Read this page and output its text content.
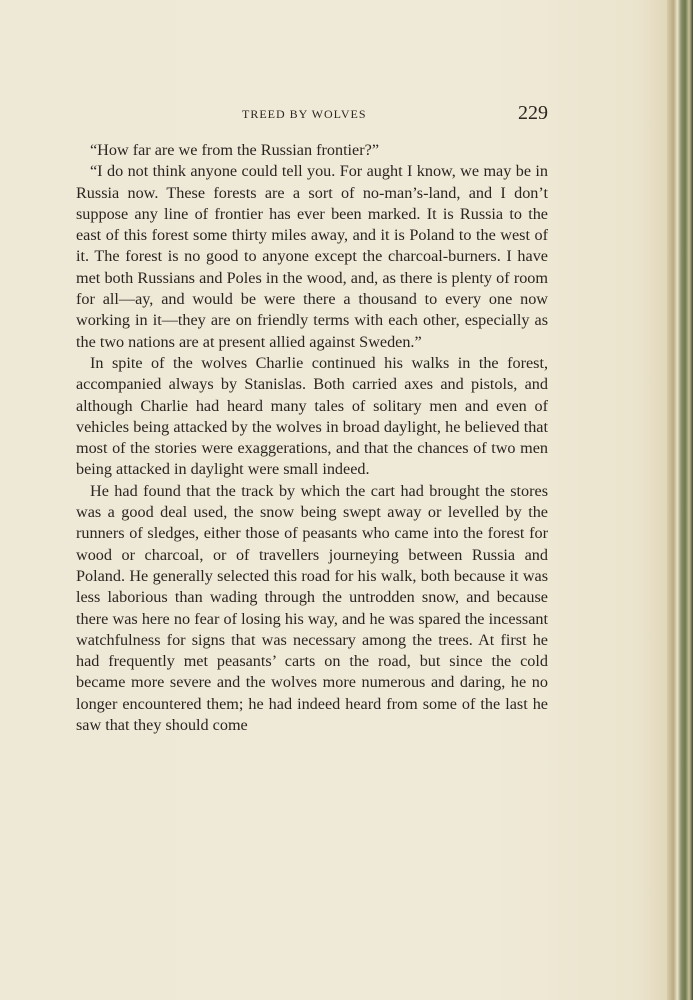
TREED BY WOLVES	229

“How far are we from the Russian frontier?”

“I do not think anyone could tell you. For aught I know, we may be in Russia now. These forests are a sort of no-man’s-land, and I don’t suppose any line of frontier has ever been marked. It is Russia to the east of this forest some thirty miles away, and it is Poland to the west of it. The forest is no good to anyone except the charcoal-burners. I have met both Russians and Poles in the wood, and, as there is plenty of room for all—ay, and would be were there a thousand to every one now working in it—they are on friendly terms with each other, especially as the two nations are at present allied against Sweden.”

In spite of the wolves Charlie continued his walks in the forest, accompanied always by Stanislas. Both carried axes and pistols, and although Charlie had heard many tales of solitary men and even of vehicles being attacked by the wolves in broad daylight, he believed that most of the stories were exaggerations, and that the chances of two men being attacked in daylight were small indeed.

He had found that the track by which the cart had brought the stores was a good deal used, the snow being swept away or levelled by the runners of sledges, either those of peasants who came into the forest for wood or charcoal, or of travellers journeying between Russia and Poland. He generally selected this road for his walk, both because it was less laborious than wading through the untrodden snow, and because there was here no fear of losing his way, and he was spared the incessant watchfulness for signs that was necessary among the trees. At first he had frequently met peasants’ carts on the road, but since the cold became more severe and the wolves more numerous and daring, he no longer encountered them; he had indeed heard from some of the last he saw that they should come
